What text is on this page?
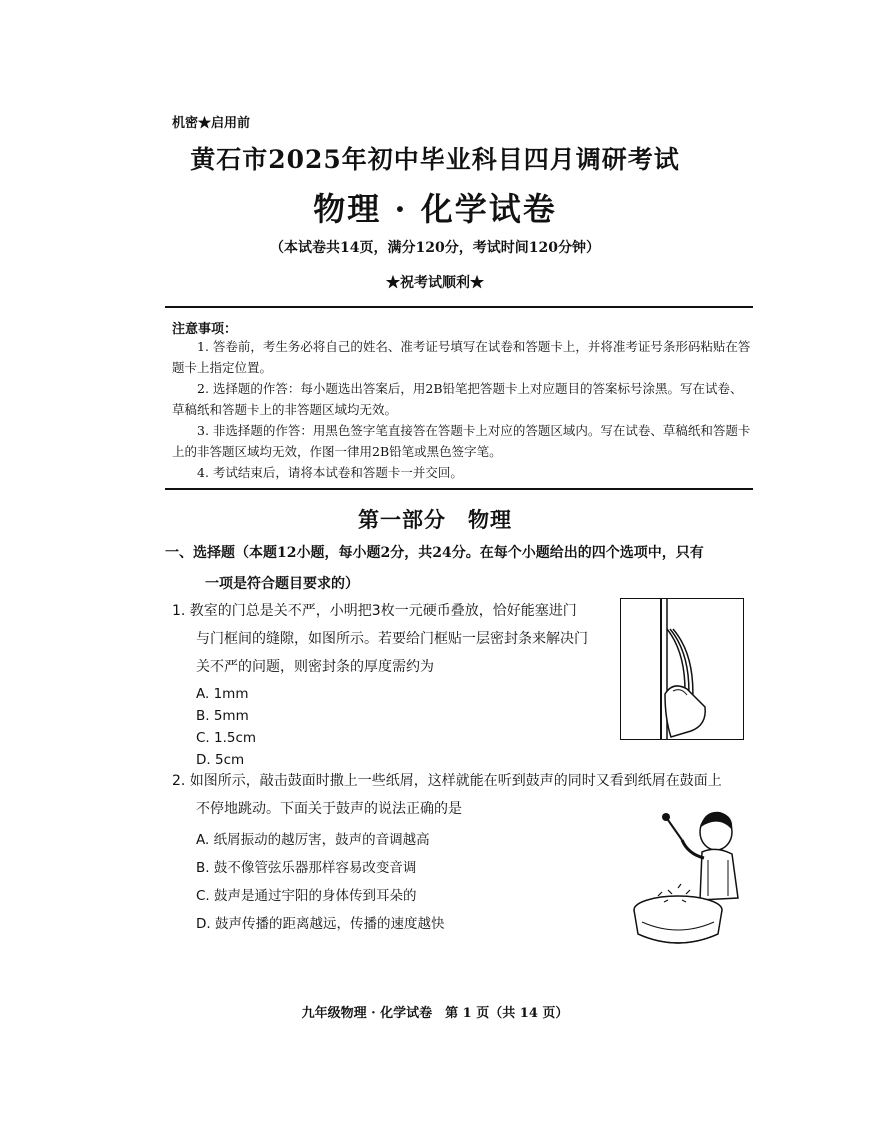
机密★启用前
黄石市2025年初中毕业科目四月调研考试
物理 · 化学试卷
（本试卷共14页，满分120分，考试时间120分钟）
★祝考试顺利★
注意事项：

1. 答卷前，考生务必将自己的姓名、准考证号填写在试卷和答题卡上，并将准考证号条形码粘贴在答题卡上指定位置。

2. 选择题的作答：每小题选出答案后，用2B铅笔把答题卡上对应题目的答案标号涂黑。写在试卷、草稿纸和答题卡上的非答题区域均无效。

3. 非选择题的作答：用黑色签字笔直接答在答题卡上对应的答题区域内。写在试卷、草稿纸和答题卡上的非答题区域均无效，作图一律用2B铅笔或黑色签字笔。

4. 考试结束后，请将本试卷和答题卡一并交回。

第一部分　物理
一、选择题（本题12小题，每小题2分，共24分。在每个小题给出的四个选项中，只有
一项是符合题目要求的）
1. 教室的门总是关不严，小明把3枚一元硬币叠放，恰好能塞进门
与门框间的缝隙，如图所示。若要给门框贴一层密封条来解决门
关不严的问题，则密封条的厚度需约为
A. 1mm
B. 5mm
C. 1.5cm
D. 5cm
2. 如图所示，敲击鼓面时撒上一些纸屑，这样就能在听到鼓声的同时又看到纸屑在鼓面上
不停地跳动。下面关于鼓声的说法正确的是
A. 纸屑振动的越厉害，鼓声的音调越高
B. 鼓不像管弦乐器那样容易改变音调
C. 鼓声是通过宇阳的身体传到耳朵的
D. 鼓声传播的距离越远，传播的速度越快
九年级物理 · 化学试卷　第 1 页（共 14 页）
